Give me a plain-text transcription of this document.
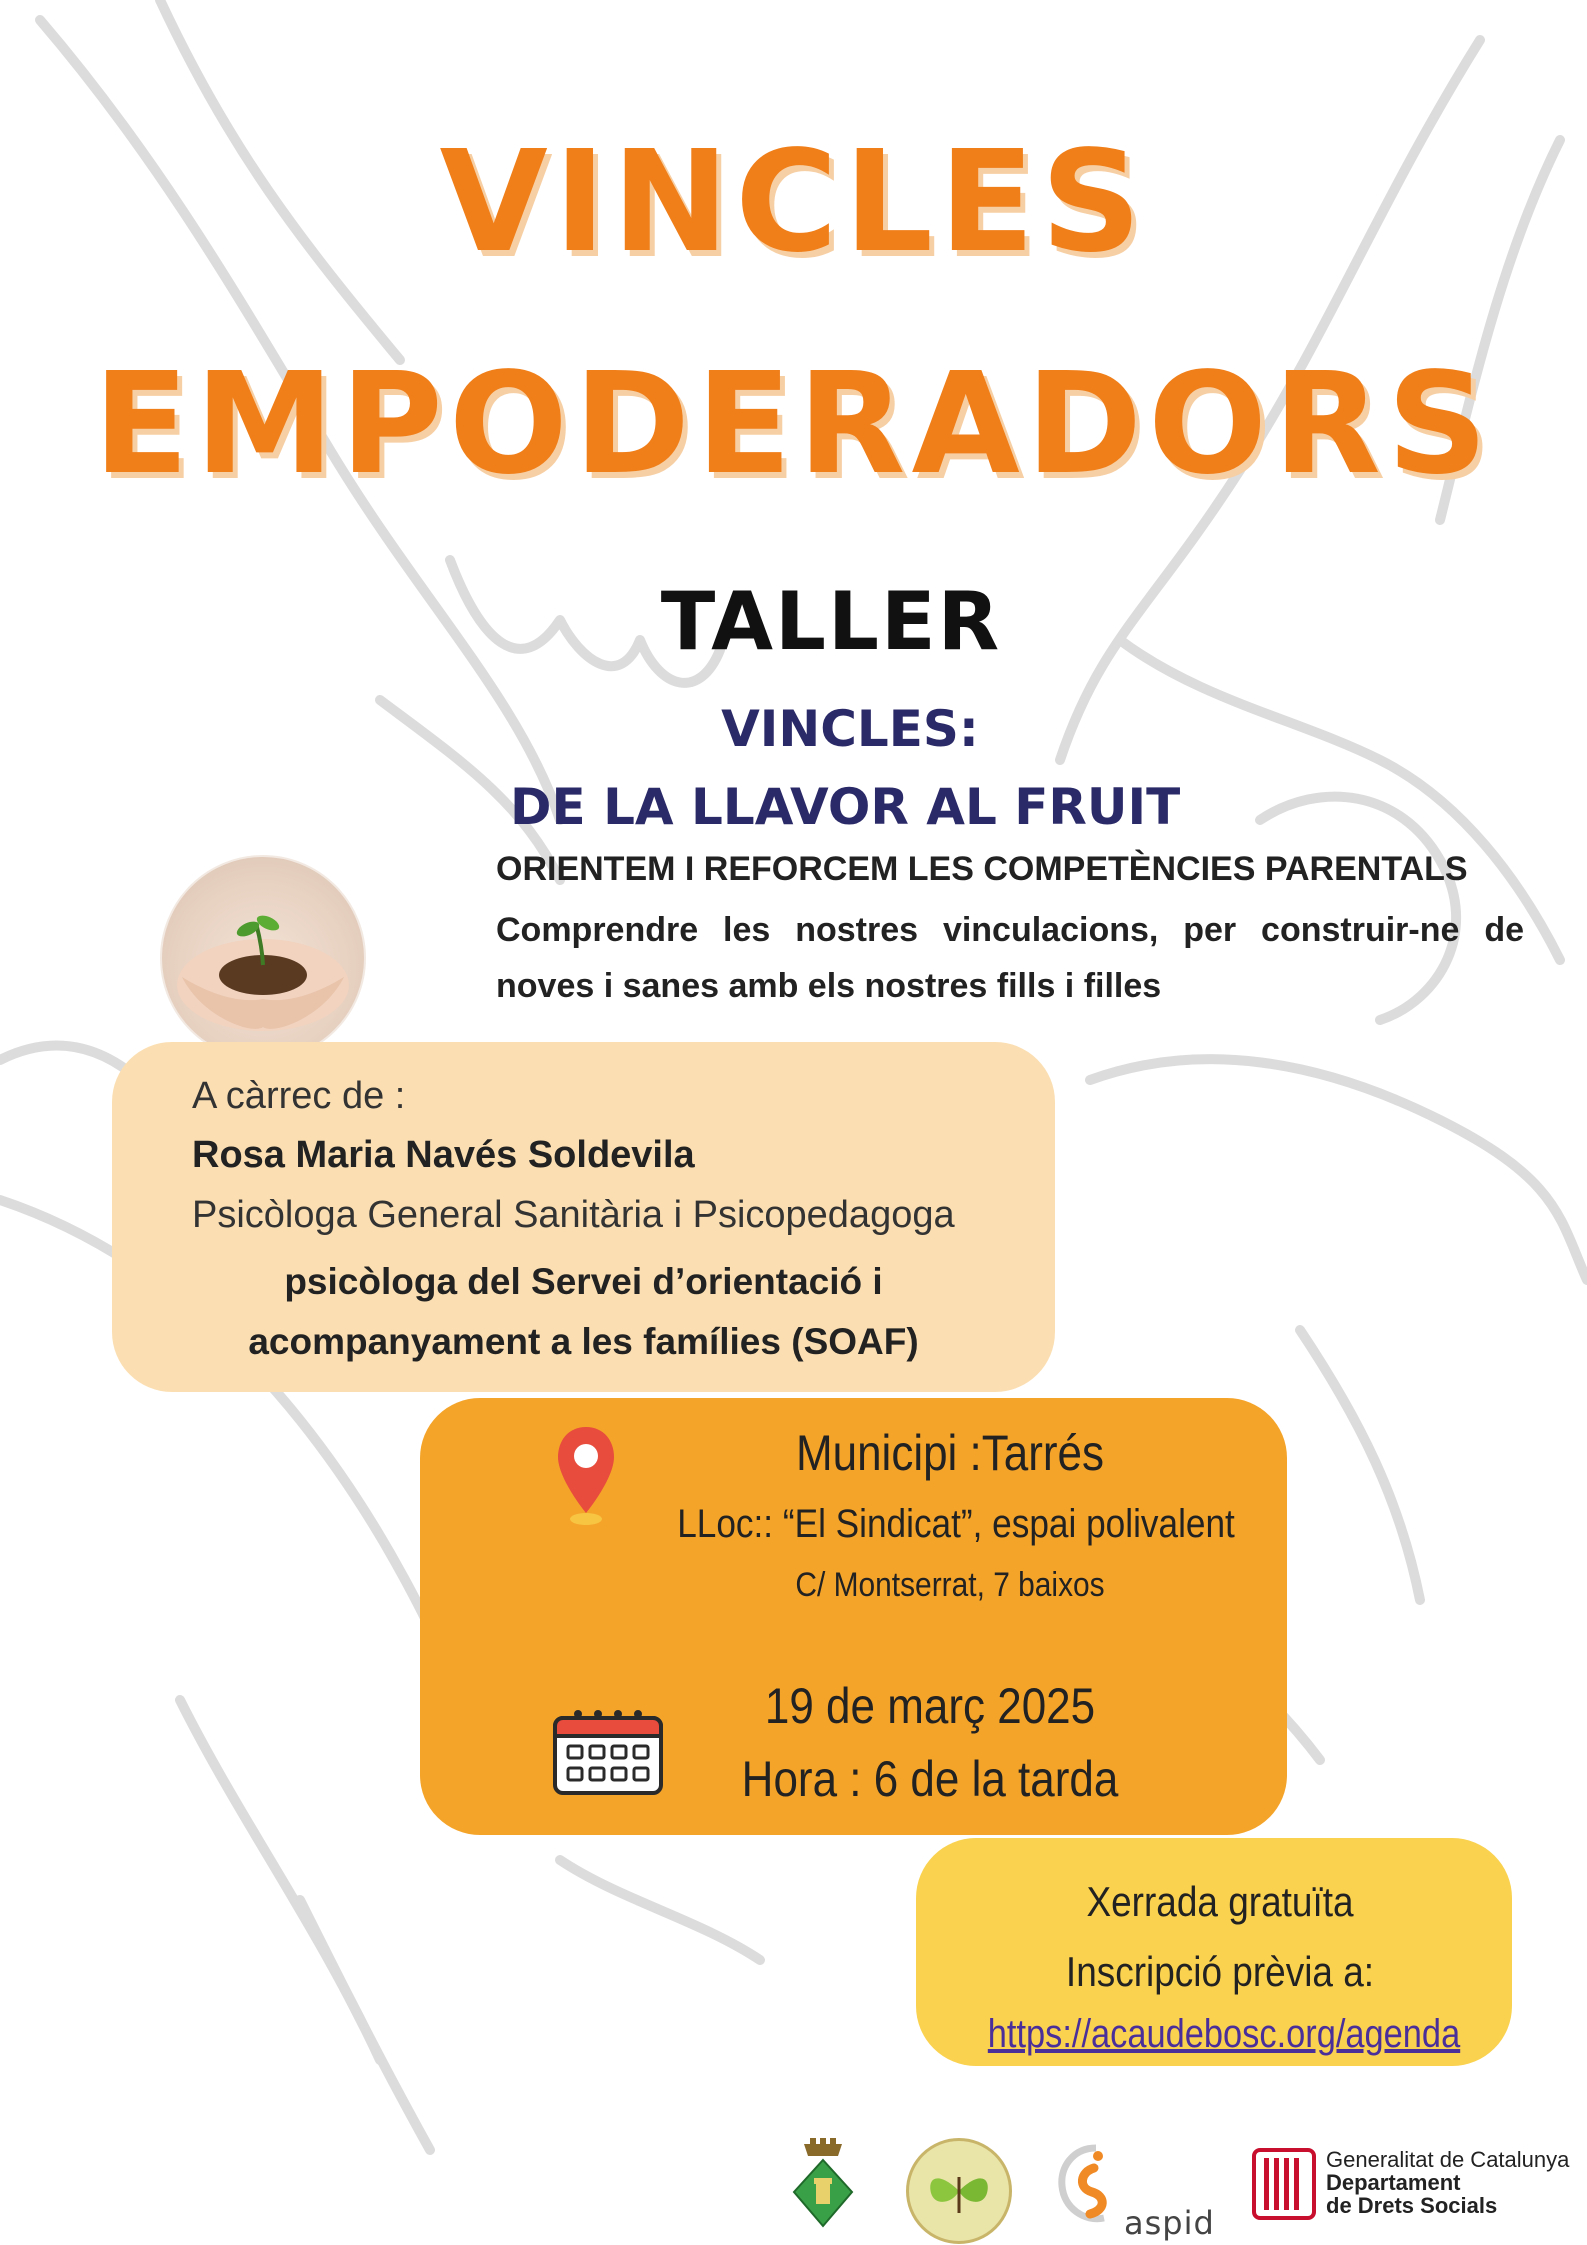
VINCLES
EMPODERADORS
TALLER
VINCLES:
DE LA LLAVOR AL FRUIT
ORIENTEM I REFORCEM LES COMPETÈNCIES PARENTALS
Comprendre les nostres vinculacions, per construir-ne de noves i sanes amb els nostres fills i filles
A càrrec de :
Rosa Maria Navés Soldevila
Psicòloga General Sanitària i Psicopedagoga
psicòloga del Servei d’orientació i
acompanyament a les famílies (SOAF)
Municipi :Tarrés
LLoc:: “El Sindicat”, espai polivalent
C/ Montserrat, 7 baixos
19 de març 2025
Hora : 6 de la tarda
Xerrada gratuïta
Inscripció prèvia a:
https://acaudebosc.org/agenda
aspid
Generalitat de Catalunya
Departament
de Drets Socials
